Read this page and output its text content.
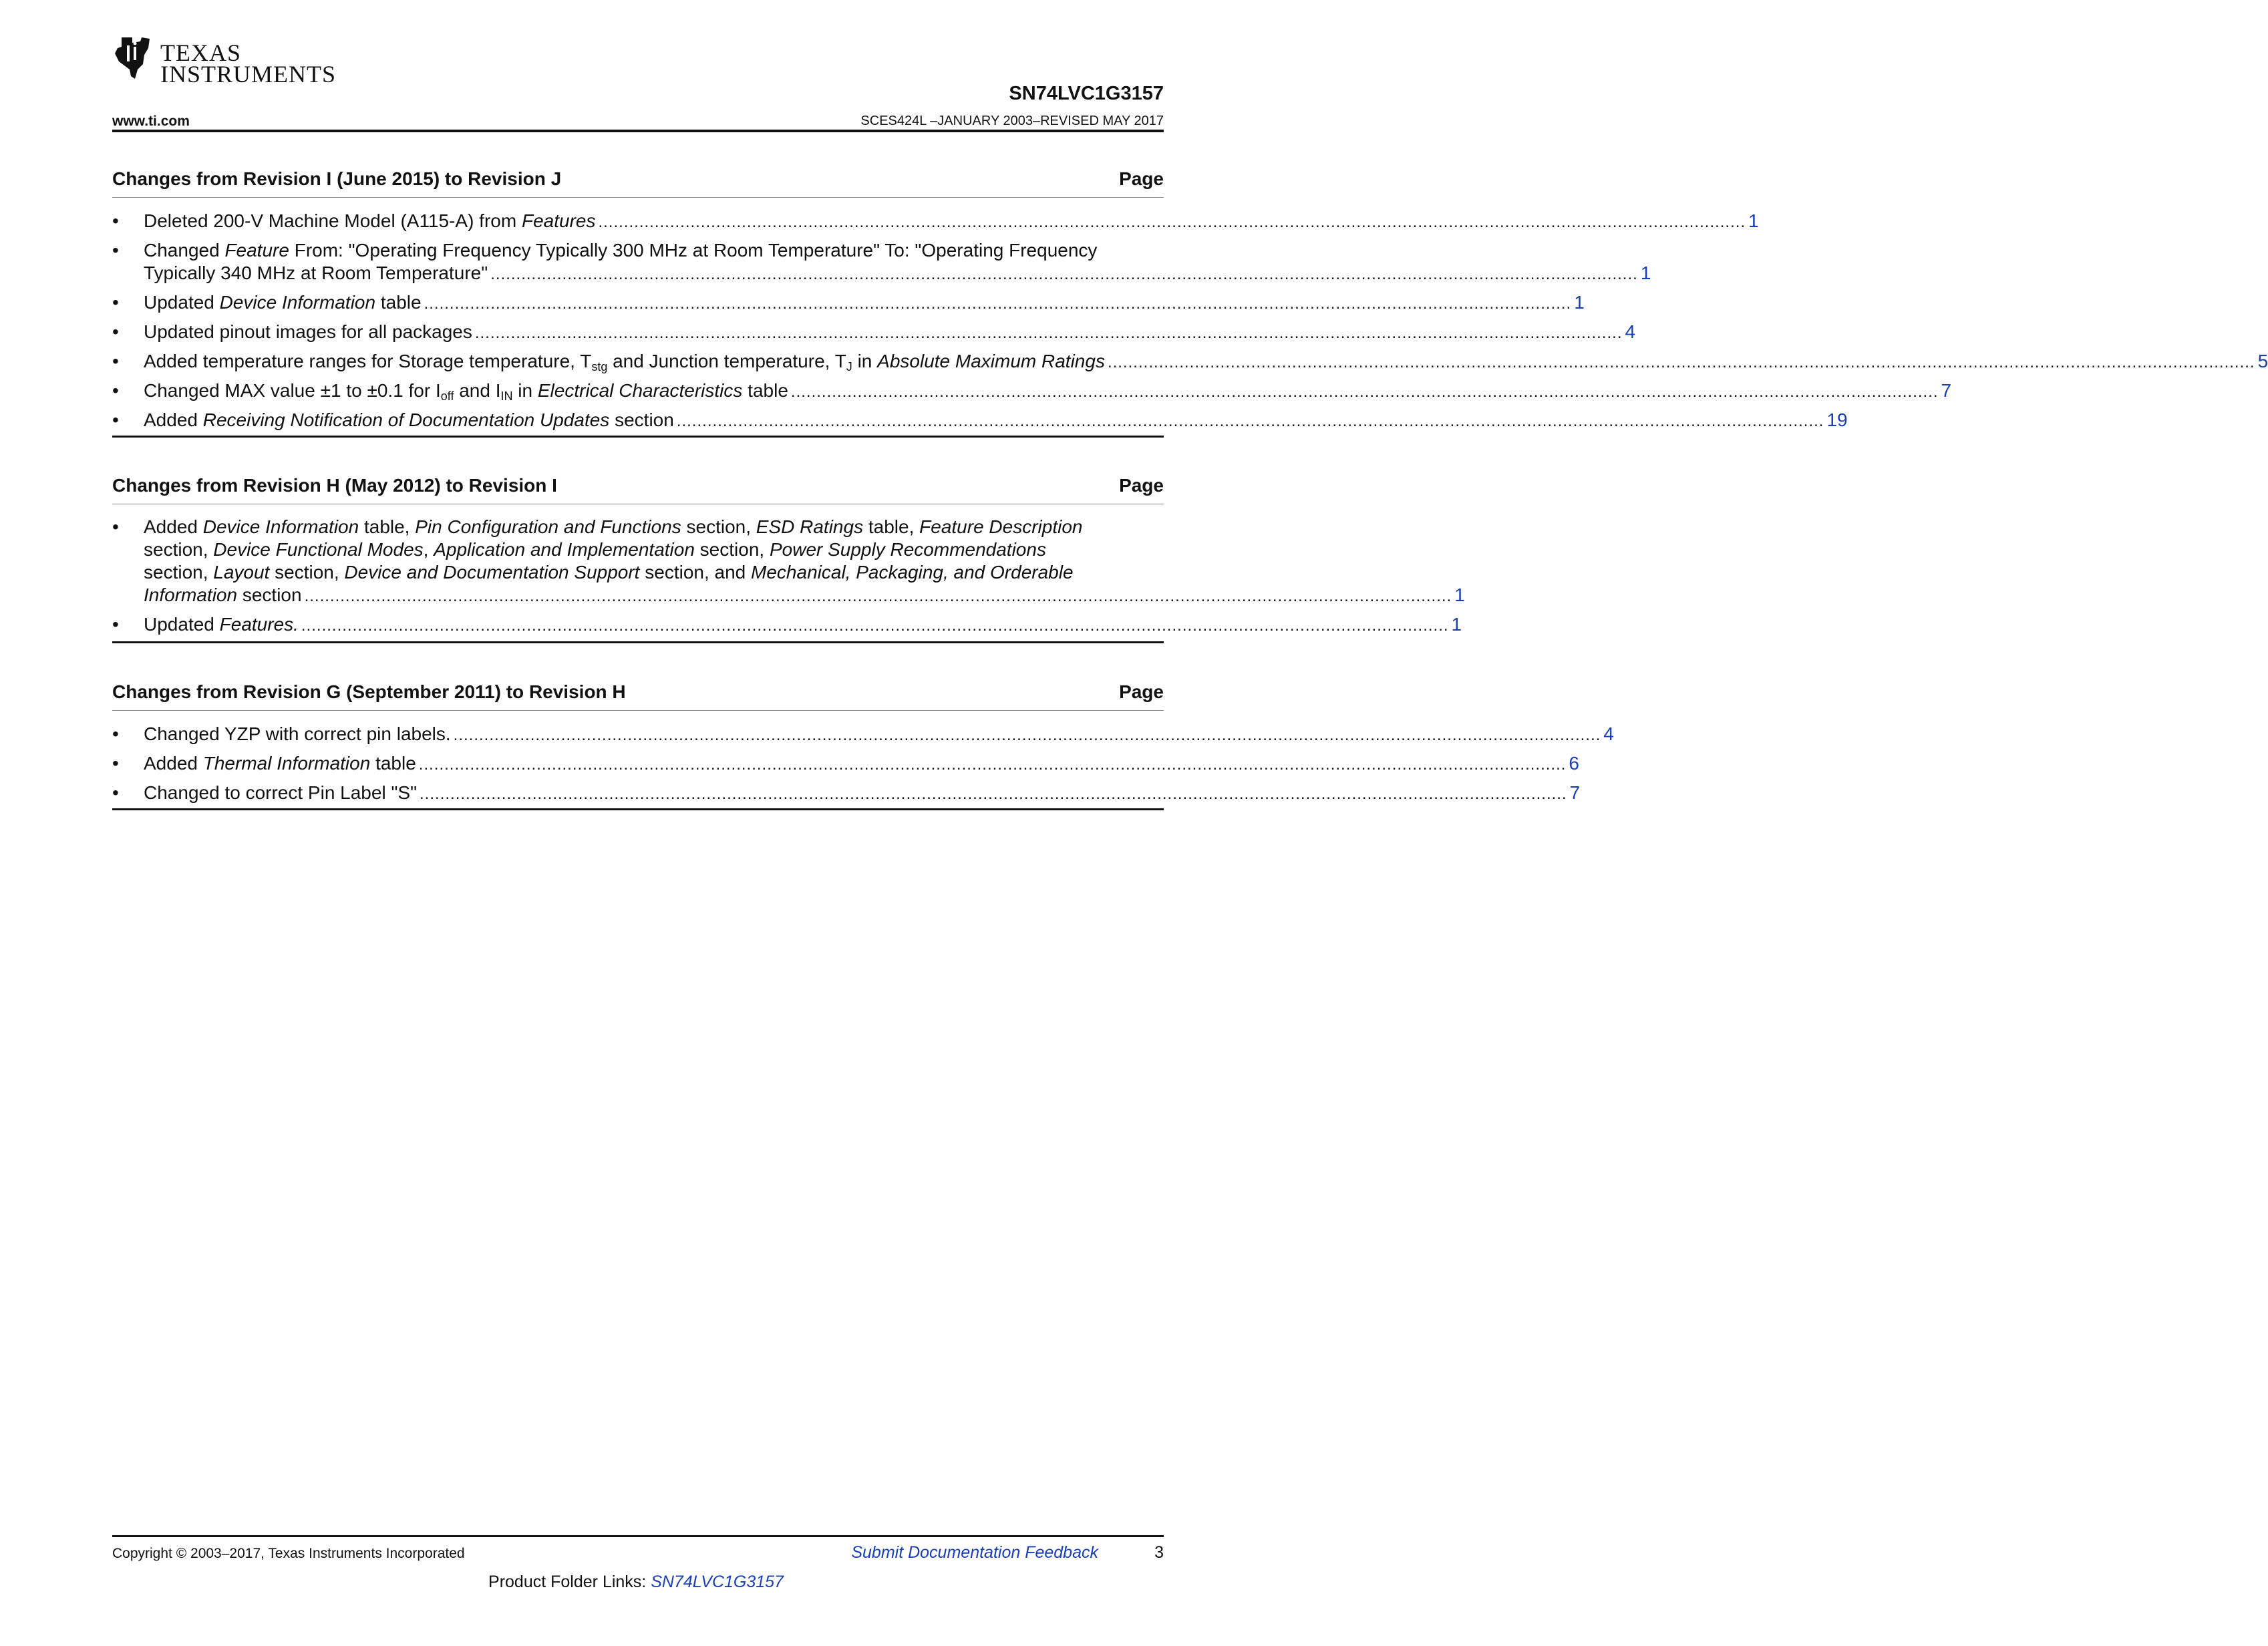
TEXAS
INSTRUMENTS
SN74LVC1G3157
www.ti.com	SCES424L –JANUARY 2003–REVISED MAY 2017
Changes from Revision I (June 2015) to Revision J	Page
•	Deleted 200-V Machine Model (A115-A) from Features ................................................................................................................................................................................................................................ 1
•	Changed Feature From: "Operating Frequency Typically 300 MHz at Room Temperature" To: "Operating Frequency
Typically 340 MHz at Room Temperature" ................................................................................................................................................................................................................................ 1
•	Updated Device Information table ................................................................................................................................................................................................................................ 1
•	Updated pinout images for all packages ................................................................................................................................................................................................................................ 4
•	Added temperature ranges for Storage temperature, $T_{stg}$ and Junction temperature, $T_J$ in Absolute Maximum Ratings ................................................................................................................................................................................................................................ 5
•	Changed MAX value ±1 to ±0.1 for $I_{off}$ and $I_{IN}$ in Electrical Characteristics table ................................................................................................................................................................................................................................ 7
•	Added Receiving Notification of Documentation Updates section ................................................................................................................................................................................................................................ 19
Changes from Revision H (May 2012) to Revision I	Page
•	Added Device Information table, Pin Configuration and Functions section, ESD Ratings table, Feature Description
section, Device Functional Modes, Application and Implementation section, Power Supply Recommendations
section, Layout section, Device and Documentation Support section, and Mechanical, Packaging, and Orderable
Information section ................................................................................................................................................................................................................................ 1
•	Updated Features. ................................................................................................................................................................................................................................ 1
Changes from Revision G (September 2011) to Revision H	Page
•	Changed YZP with correct pin labels. ................................................................................................................................................................................................................................ 4
•	Added Thermal Information table ................................................................................................................................................................................................................................ 6
•	Changed to correct Pin Label "S" ................................................................................................................................................................................................................................ 7
Copyright © 2003–2017, Texas Instruments Incorporated	Submit Documentation Feedback	3
Product Folder Links: SN74LVC1G3157
